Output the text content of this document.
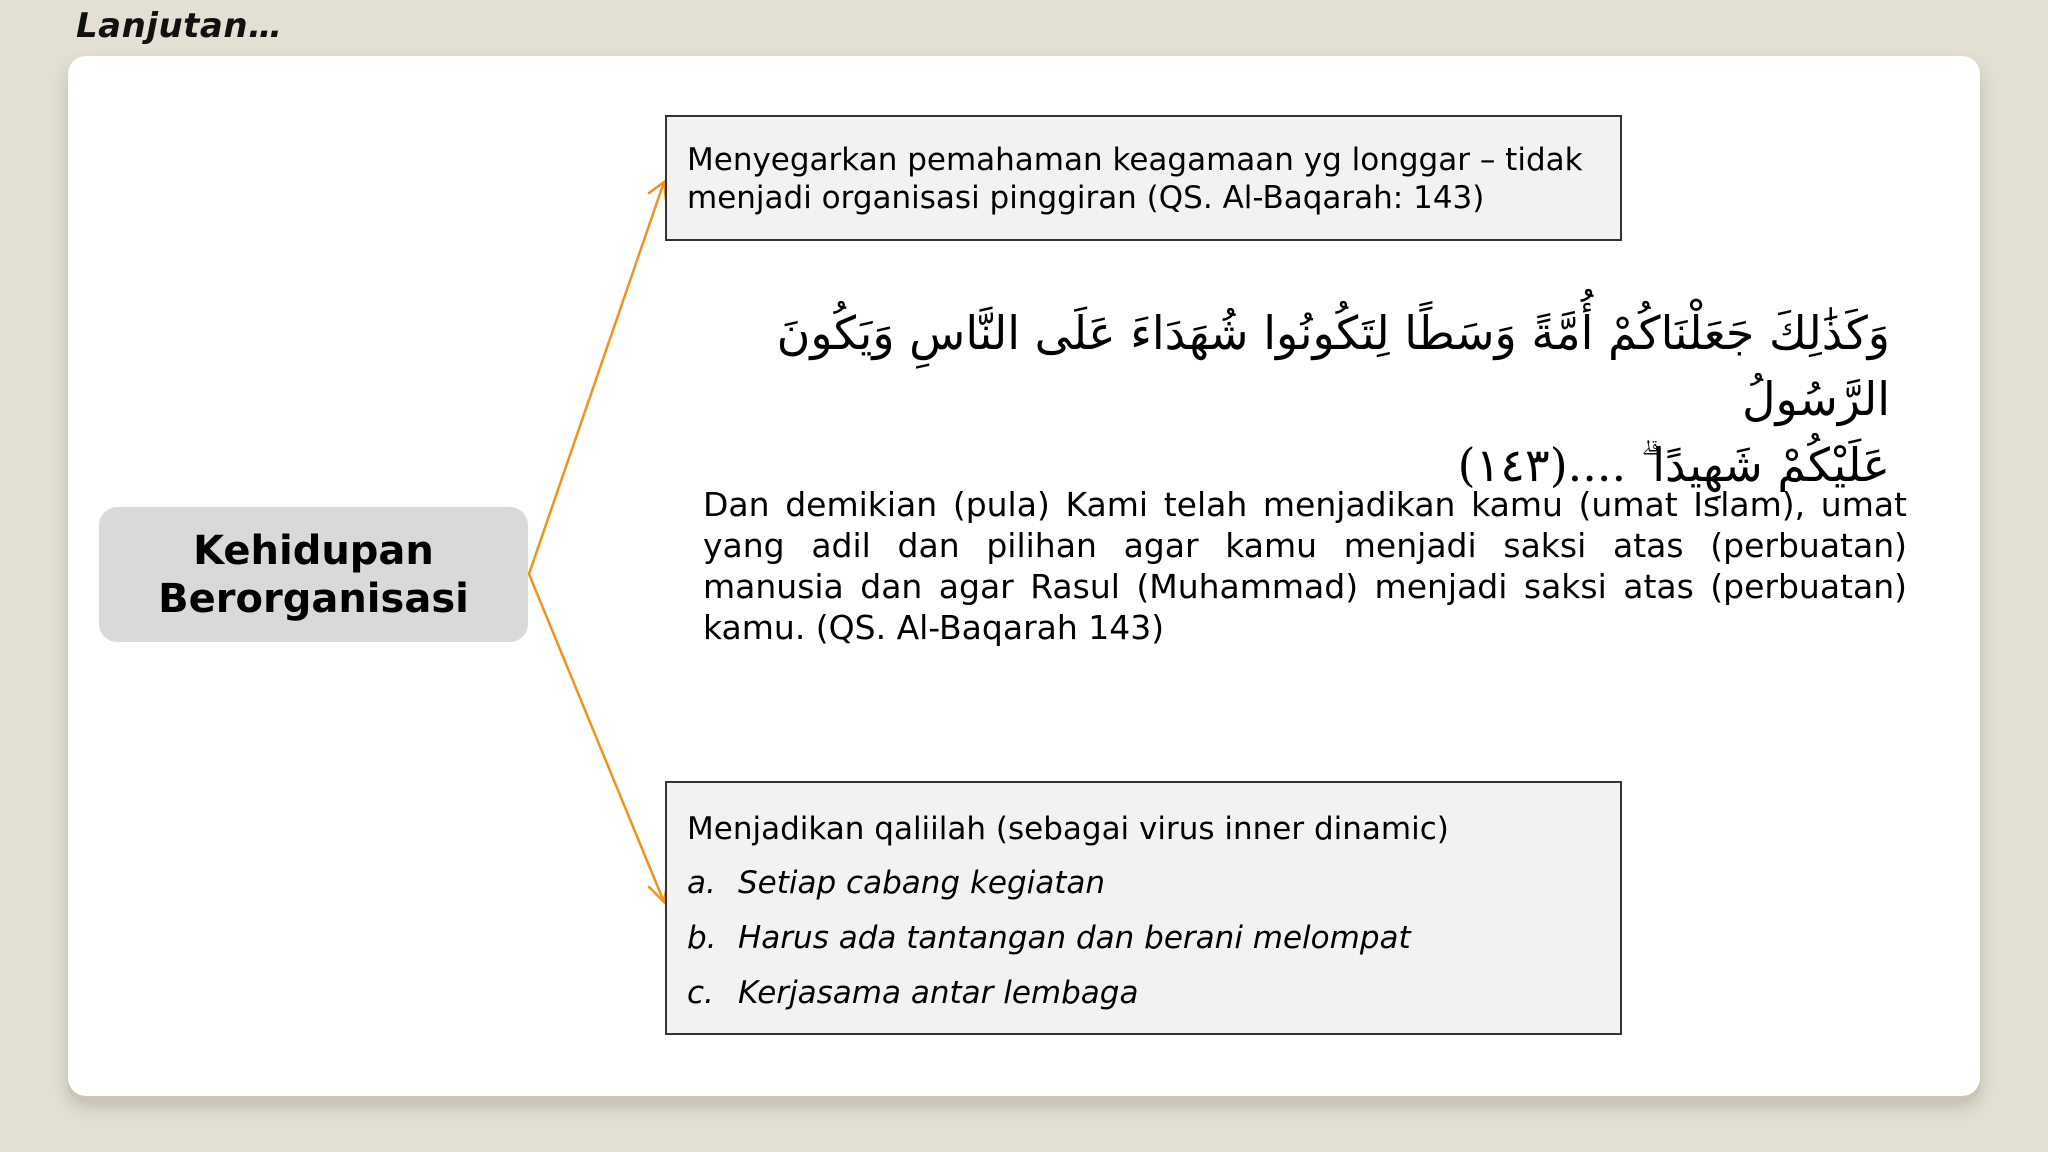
Lanjutan…
Kehidupan
Berorganisasi
Menyegarkan pemahaman keagamaan yg longgar – tidak menjadi organisasi pinggiran (QS. Al-Baqarah: 143)
وَكَذَٰلِكَ جَعَلْنَاكُمْ أُمَّةً وَسَطًا لِتَكُونُوا شُهَدَاءَ عَلَى النَّاسِ وَيَكُونَ الرَّسُولُ
عَلَيْكُمْ شَهِيدًا ۗ ....(١٤٣)
Dan demikian (pula) Kami telah menjadikan kamu (umat Islam), umat yang adil dan pilihan agar kamu menjadi saksi atas (perbuatan) manusia dan agar Rasul (Muhammad) menjadi saksi atas (perbuatan) kamu. (QS. Al-Baqarah 143)
Menjadikan qaliilah (sebagai virus inner dinamic)
a. Setiap cabang kegiatan
b. Harus ada tantangan dan berani melompat
c. Kerjasama antar lembaga
